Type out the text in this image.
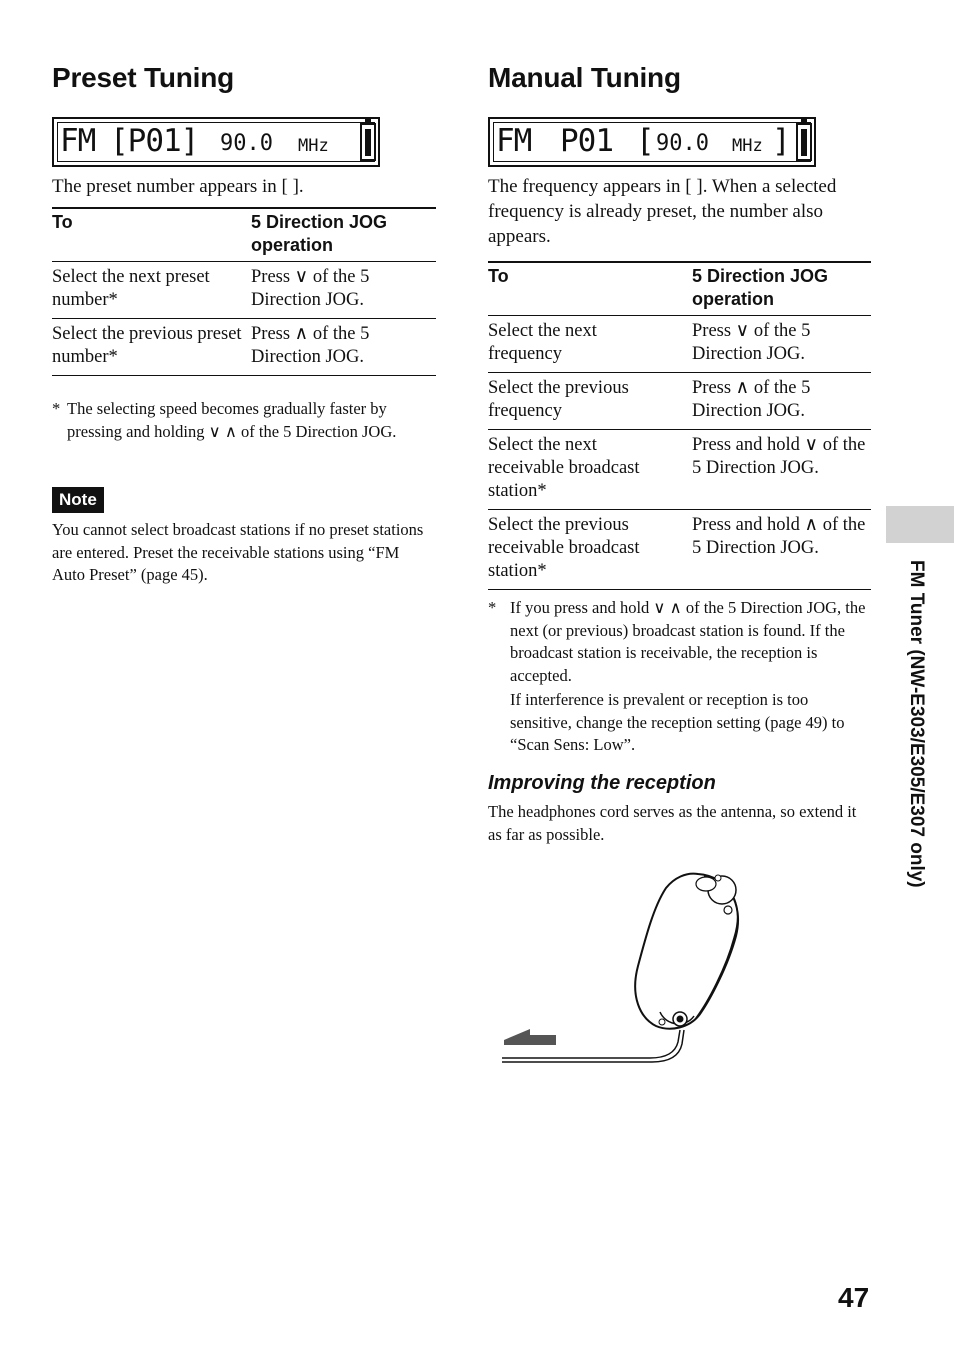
Preset Tuning
FM [P01] 90.0 MHz
The preset number appears in [ ].
To	5 Direction JOG operation
Select the next preset number*	Press ∨ of the 5 Direction JOG.
Select the previous preset number*	Press ∧ of the 5 Direction JOG.
* The selecting speed becomes gradually faster by pressing and holding ∨ ∧ of the 5 Direction JOG.
Note
You cannot select broadcast stations if no preset stations are entered. Preset the receivable stations using “FM Auto Preset” (page 45).
Manual Tuning
FM P01 [ 90.0 MHz ]
The frequency appears in [ ]. When a selected frequency is already preset, the number also appears.
To	5 Direction JOG operation
Select the next frequency	Press ∨ of the 5 Direction JOG.
Select the previous frequency	Press ∧ of the 5 Direction JOG.
Select the next receivable broadcast station*	Press and hold ∨ of the 5 Direction JOG.
Select the previous receivable broadcast station*	Press and hold ∧ of the 5 Direction JOG.
* If you press and hold ∨ ∧ of the 5 Direction JOG, the next (or previous) broadcast station is found. If the broadcast station is receivable, the reception is accepted.
If interference is prevalent or reception is too sensitive, change the reception setting (page 49) to “Scan Sens: Low”.
Improving the reception
The headphones cord serves as the antenna, so extend it as far as possible.	FM Tuner (NW-E303/E305/E307 only)
47
